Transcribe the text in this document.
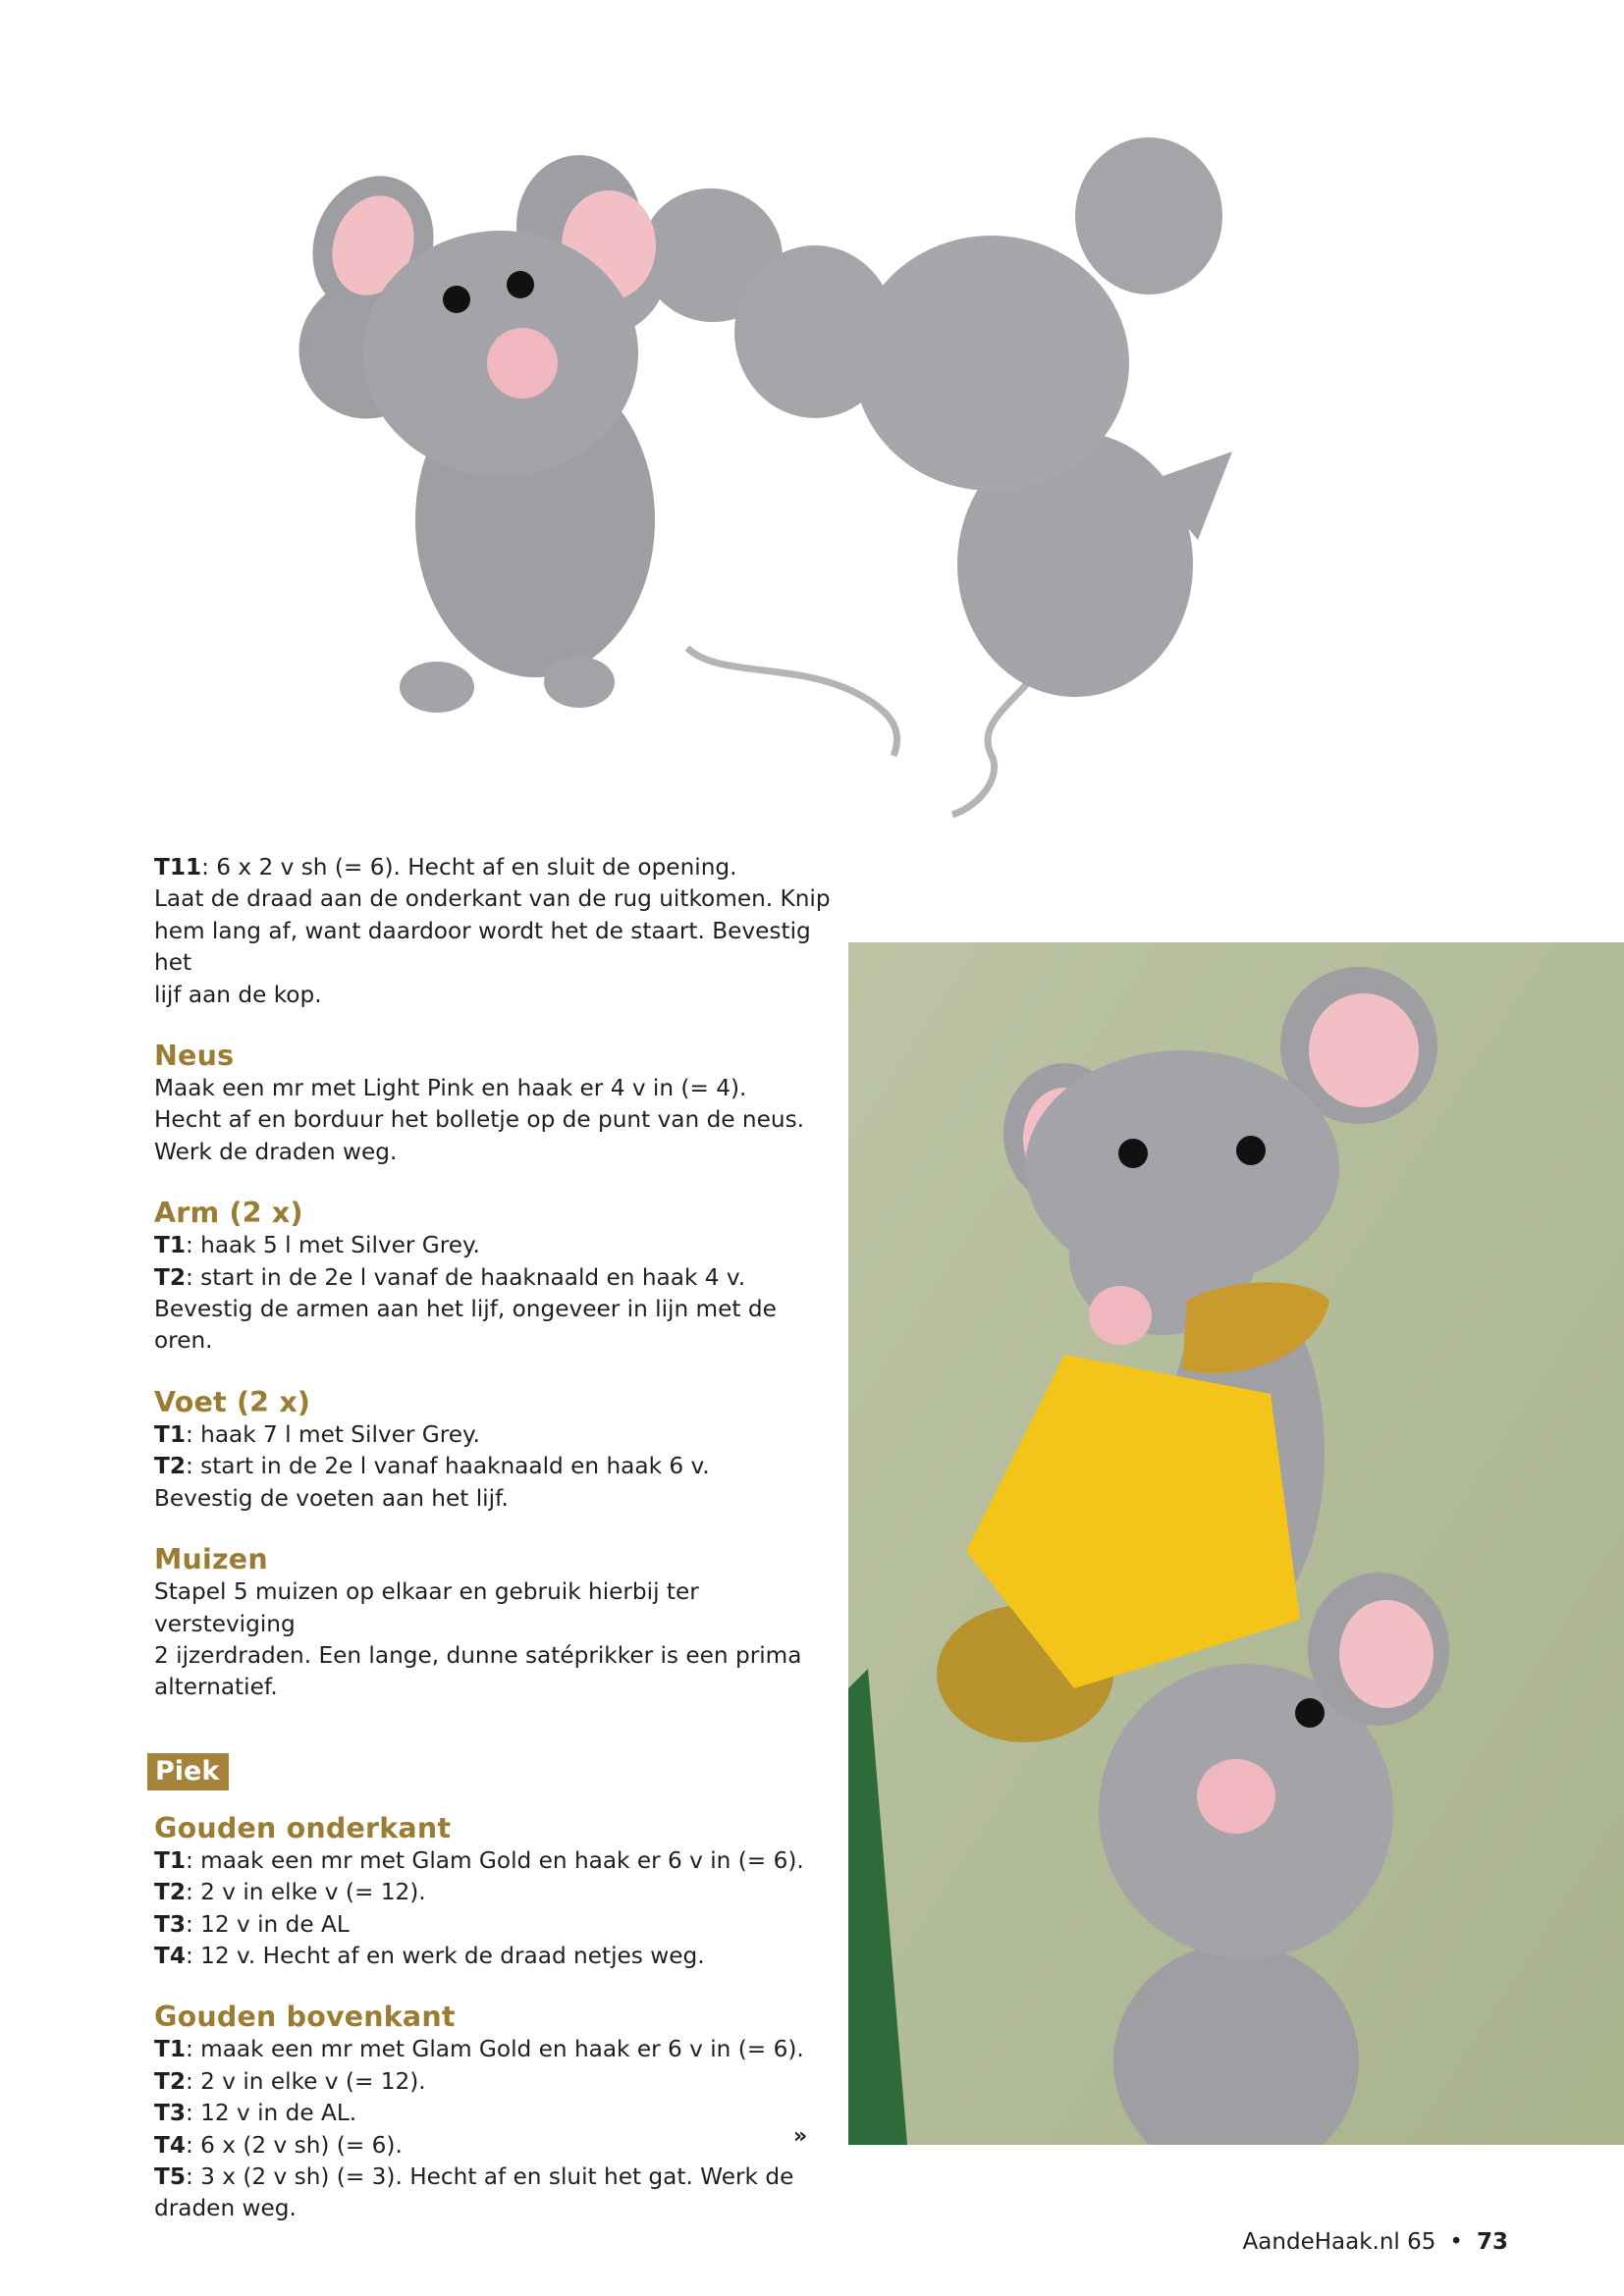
T11: 6 x 2 v sh (= 6). Hecht af en sluit de opening.

Laat de draad aan de onderkant van de rug uitkomen. Knip

hem lang af, want daardoor wordt het de staart. Bevestig het

lijf aan de kop.

Neus

Maak een mr met Light Pink en haak er 4 v in (= 4).

Hecht af en borduur het bolletje op de punt van de neus.

Werk de draden weg.

Arm (2 x)

T1: haak 5 l met Silver Grey.

T2: start in de 2e l vanaf de haaknaald en haak 4 v.

Bevestig de armen aan het lijf, ongeveer in lijn met de oren.

Voet (2 x)

T1: haak 7 l met Silver Grey.

T2: start in de 2e l vanaf haaknaald en haak 6 v.

Bevestig de voeten aan het lijf.

Muizen

Stapel 5 muizen op elkaar en gebruik hierbij ter versteviging

2 ijzerdraden. Een lange, dunne satéprikker is een prima

alternatief.

Piek
Gouden onderkant

T1: maak een mr met Glam Gold en haak er 6 v in (= 6).

T2: 2 v in elke v (= 12).

T3: 12 v in de AL

T4: 12 v. Hecht af en werk de draad netjes weg.

Gouden bovenkant

T1: maak een mr met Glam Gold en haak er 6 v in (= 6).

T2: 2 v in elke v (= 12).

T3: 12 v in de AL.

T4: 6 x (2 v sh) (= 6).

T5: 3 x (2 v sh) (= 3). Hecht af en sluit het gat. Werk de

draden weg.

»
AandeHaak.nl 65 • 73
